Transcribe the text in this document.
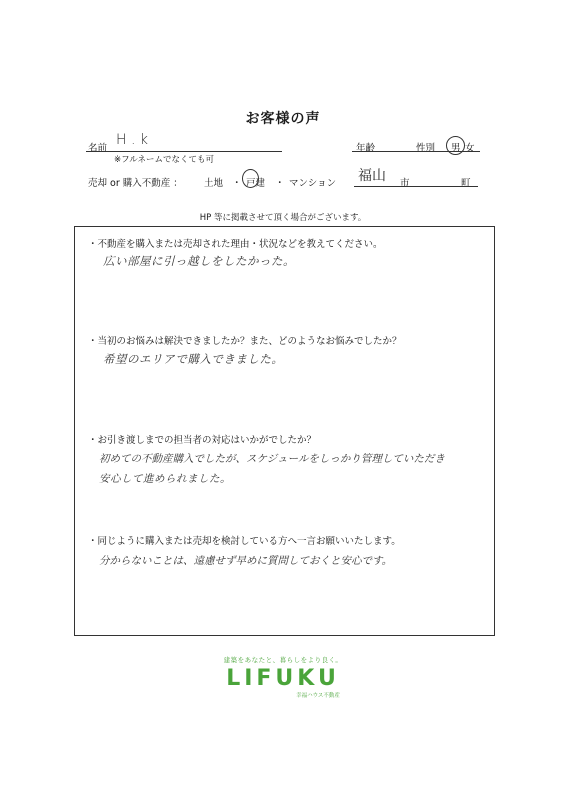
お客様の声
名前
H . k
※フルネームでなくても可
年齢	性別 男 女
売却 or 購入不動産 ： 土地 ・ 戸建 ・ マンション 福山 市	町
HP 等に掲載させて頂く場合がございます。
・不動産を購入または売却された理由・状況などを教えてください。
広い部屋に引っ越しをしたかった。
・当初のお悩みは解決できましたか？また、どのようなお悩みでしたか？
希望のエリアで購入できました。
・お引き渡しまでの担当者の対応はいかがでしたか？
初めての不動産購入でしたが、スケジュールをしっかり管理していただき
安心して進められました。
・同じように購入または売却を検討している方へ一言お願いいたします。
分からないことは、遠慮せず早めに質問しておくと安心です。
建築をあなたと、暮らしをより良く。
LIFUKU
幸福ハウス不動産
